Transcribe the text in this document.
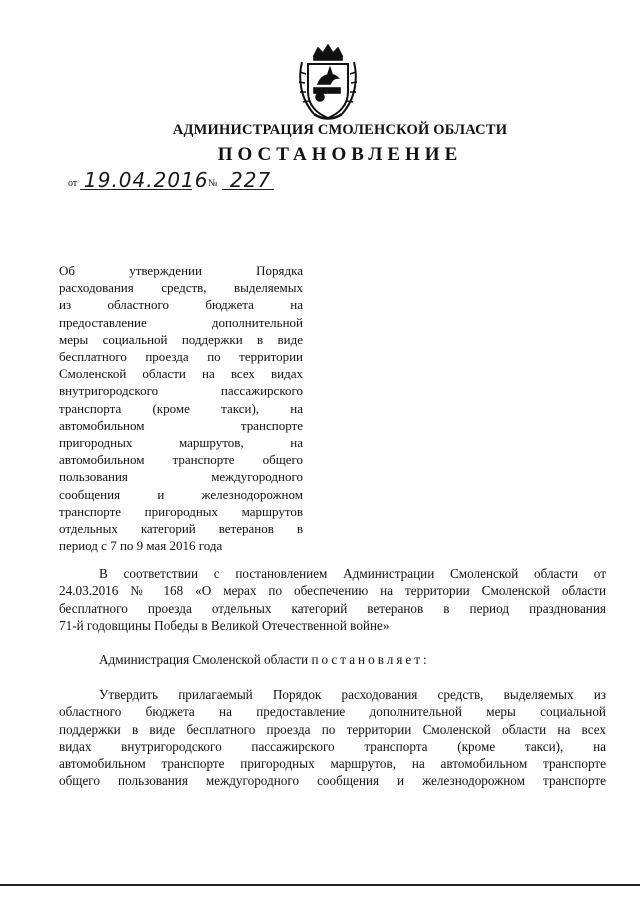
АДМИНИСТРАЦИЯ СМОЛЕНСКОЙ ОБЛАСТИ
ПОСТАНОВЛЕНИЕ
от 19.04.2016 № 227
Об утверждении Порядка
расходования средств, выделяемых
из областного бюджета на
предоставление дополнительной
меры социальной поддержки в виде
бесплатного проезда по территории
Смоленской области на всех видах
внутригородского пассажирского
транспорта (кроме такси), на
автомобильном транспорте
пригородных маршрутов, на
автомобильном транспорте общего
пользования междугородного
сообщения и железнодорожном
транспорте пригородных маршрутов
отдельных категорий ветеранов в
период с 7 по 9 мая 2016 года
В соответствии с постановлением Администрации Смоленской области от
24.03.2016 № 168 «О мерах по обеспечению на территории Смоленской области
бесплатного проезда отдельных категорий ветеранов в период празднования
71-й годовщины Победы в Великой Отечественной войне»
Администрация Смоленской области постановляет:
Утвердить прилагаемый Порядок расходования средств, выделяемых из
областного бюджета на предоставление дополнительной меры социальной
поддержки в виде бесплатного проезда по территории Смоленской области на всех
видах внутригородского пассажирского транспорта (кроме такси), на
автомобильном транспорте пригородных маршрутов, на автомобильном транспорте
общего пользования междугородного сообщения и железнодорожном транспорте
